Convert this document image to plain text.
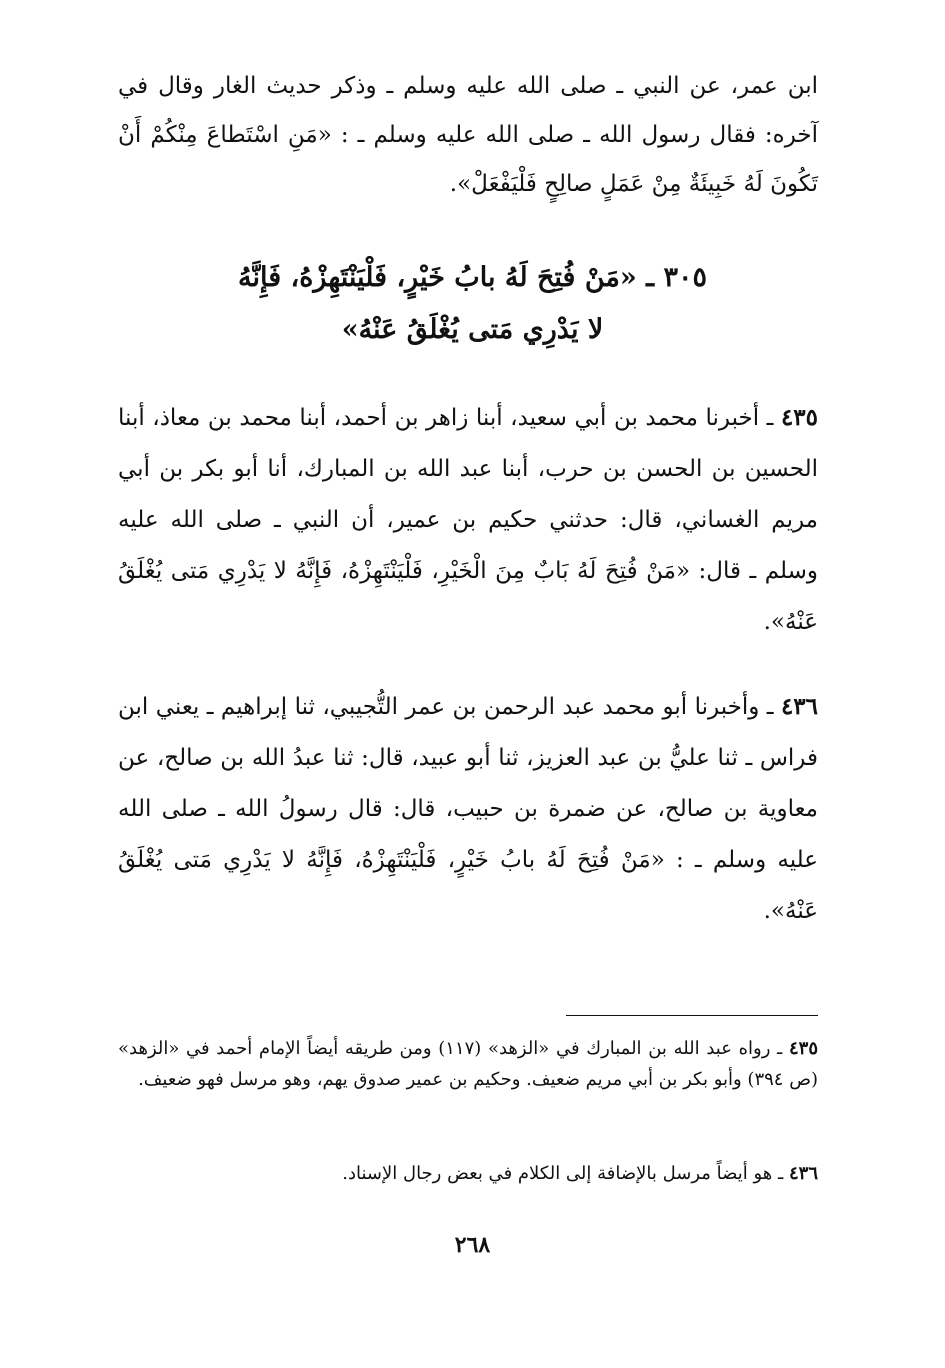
ابن عمر، عن النبي ـ صلى الله عليه وسلم ـ وذكر حديث الغار وقال في آخره: فقال رسول الله ـ صلى الله عليه وسلم ـ : «مَنِ اسْتَطاعَ مِنْكُمْ أَنْ تَكُونَ لَهُ خَبِيئَةٌ مِنْ عَمَلٍ صالِحٍ فَلْيَفْعَلْ».

٣٠٥ ـ «مَنْ فُتِحَ لَهُ بابُ خَيْرٍ، فَلْيَنْتَهِزْهُ، فَإِنَّهُ
لا يَدْرِي مَتى يُغْلَقُ عَنْهُ»

٤٣٥ ـ أخبرنا محمد بن أبي سعيد، أبنا زاهر بن أحمد، أبنا محمد بن معاذ، أبنا الحسين بن الحسن بن حرب، أبنا عبد الله بن المبارك، أنا أبو بكر بن أبي مريم الغساني، قال: حدثني حكيم بن عمير، أن النبي ـ صلى الله عليه وسلم ـ قال: «مَنْ فُتِحَ لَهُ بَابٌ مِنَ الْخَيْرِ، فَلْيَنْتَهِزْهُ، فَإِنَّهُ لا يَدْرِي مَتى يُغْلَقُ عَنْهُ».

٤٣٦ ـ وأخبرنا أبو محمد عبد الرحمن بن عمر التُّجيبي، ثنا إبراهيم ـ يعني ابن فراس ـ ثنا عليُّ بن عبد العزيز، ثنا أبو عبيد، قال: ثنا عبدُ الله بن صالح، عن معاوية بن صالح، عن ضمرة بن حبيب، قال: قال رسولُ الله ـ صلى الله عليه وسلم ـ : «مَنْ فُتِحَ لَهُ بابُ خَيْرٍ، فَلْيَنْتَهِزْهُ، فَإِنَّهُ لا يَدْرِي مَتى يُغْلَقُ عَنْهُ».

٤٣٥ ـ رواه عبد الله بن المبارك في «الزهد» (١١٧) ومن طريقه أيضاً الإمام أحمد في «الزهد» (ص ٣٩٤) وأبو بكر بن أبي مريم ضعيف. وحكيم بن عمير صدوق يهم، وهو مرسل فهو ضعيف.

٤٣٦ ـ هو أيضاً مرسل بالإضافة إلى الكلام في بعض رجال الإسناد.

٢٦٨
